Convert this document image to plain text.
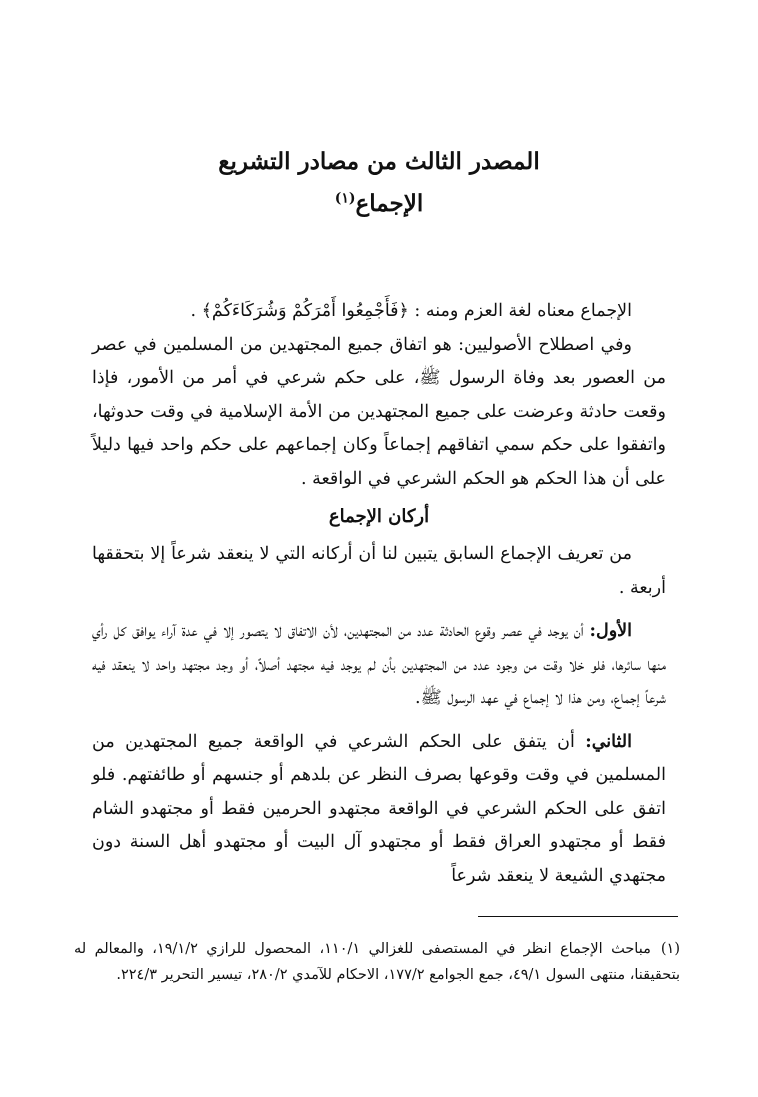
المصدر الثالث من مصادر التشريع
الإجماع$^{(١)}$

الإجماع معناه لغة العزم ومنه : ﴿فَأَجْمِعُوا أَمْرَكُمْ وَشُرَكَاءَكُمْ﴾ .

وفي اصطلاح الأصوليين: هو اتفاق جميع المجتهدين من المسلمين في عصر من العصور بعد وفاة الرسول ﷺ، على حكم شرعي في أمر من الأمور، فإذا وقعت حادثة وعرضت على جميع المجتهدين من الأمة الإسلامية في وقت حدوثها، واتفقوا على حكم سمي اتفاقهم إجماعاً وكان إجماعهم على حكم واحد فيها دليلاً على أن هذا الحكم هو الحكم الشرعي في الواقعة .

أركان الإجماع

من تعريف الإجماع السابق يتبين لنا أن أركانه التي لا ينعقد شرعاً إلا بتحققها أربعة .

الأول: أن يوجد في عصر وقوع الحادثة عدد من المجتهدين، لأن الاتفاق لا يتصور إلا في عدة آراء يوافق كل رأي منها سائرها، فلو خلا وقت من وجود عدد من المجتهدين بأن لم يوجد فيه مجتهد أصلاً، أو وجد مجتهد واحد لا ينعقد فيه شرعاً إجماع، ومن هذا لا إجماع في عهد الرسول ﷺ.

الثاني: أن يتفق على الحكم الشرعي في الواقعة جميع المجتهدين من المسلمين في وقت وقوعها بصرف النظر عن بلدهم أو جنسهم أو طائفتهم. فلو اتفق على الحكم الشرعي في الواقعة مجتهدو الحرمين فقط أو مجتهدو الشام فقط أو مجتهدو العراق فقط أو مجتهدو آل البيت أو مجتهدو أهل السنة دون مجتهدي الشيعة لا ينعقد شرعاً

(١)مباحث الإجماع انظر في المستصفى للغزالي ١١٠/١، المحصول للرازي ١٩/١/٢، والمعالم له بتحقيقنا، منتهى السول ٤٩/١، جمع الجوامع ١٧٧/٢، الاحكام للآمدي ٢٨٠/٢، تيسير التحرير ٢٢٤/٣.
